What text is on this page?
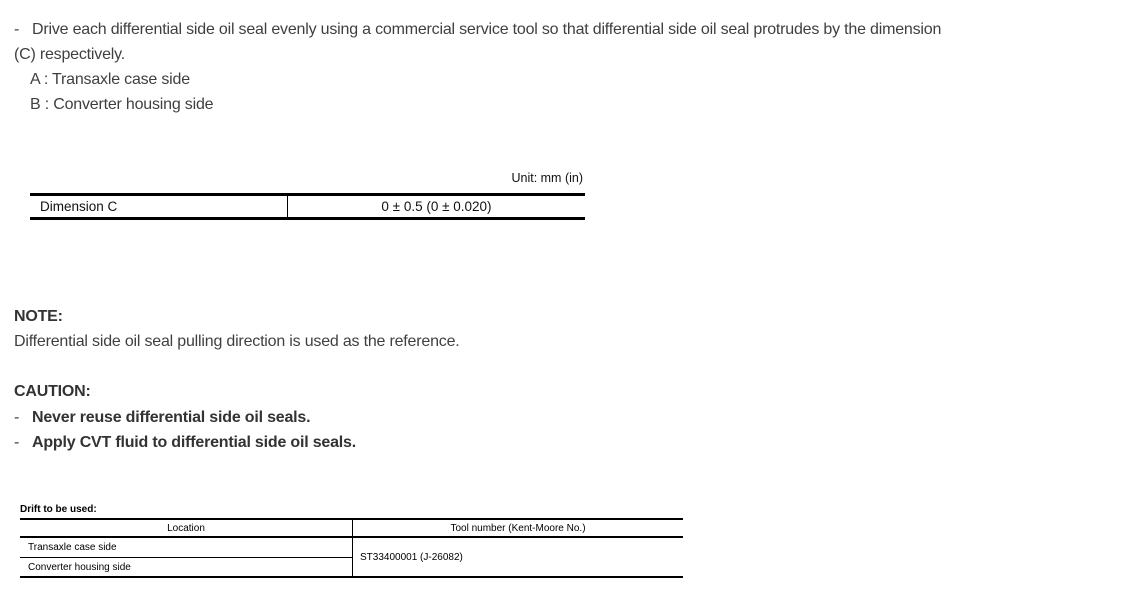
- Drive each differential side oil seal evenly using a commercial service tool so that differential side oil seal protrudes by the dimension
(C) respectively.
A : Transaxle case side
B : Converter housing side
Unit: mm (in)
Dimension C	0 ± 0.5 (0 ± 0.020)
NOTE:
Differential side oil seal pulling direction is used as the reference.
CAUTION:
- Never reuse differential side oil seals.
- Apply CVT fluid to differential side oil seals.
Drift to be used:
Location	Tool number (Kent-Moore No.)
Transaxle case side
Converter housing side
ST33400001 (J-26082)
